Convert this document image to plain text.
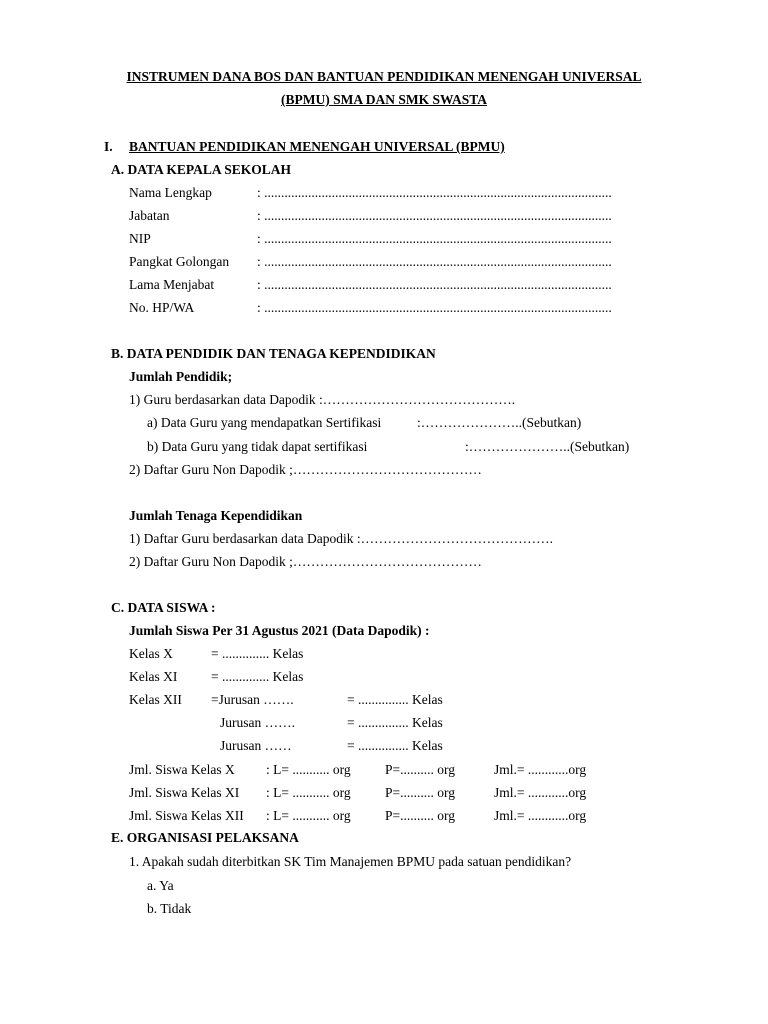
INSTRUMEN DANA BOS DAN BANTUAN PENDIDIKAN MENENGAH UNIVERSAL
(BPMU) SMA DAN SMK SWASTA
I. BANTUAN PENDIDIKAN MENENGAH UNIVERSAL (BPMU)
A. DATA KEPALA SEKOLAH
Nama Lengkap	: .......................................................................................................
Jabatan	: .......................................................................................................
NIP	: .......................................................................................................
Pangkat Golongan : .......................................................................................................
Lama Menjabat	: .......................................................................................................
No. HP/WA	: .......................................................................................................
B. DATA PENDIDIK DAN TENAGA KEPENDIDIKAN
Jumlah Pendidik;
1) Guru berdasarkan data Dapodik :…………………………………….
a) Data Guru yang mendapatkan Sertifikasi	:…………………..(Sebutkan)
b) Data Guru yang tidak dapat sertifikasi	:…………………..(Sebutkan)
2) Daftar Guru Non Dapodik ;……………………………………
Jumlah Tenaga Kependidikan
1) Daftar Guru berdasarkan data Dapodik :…………………………………….
2) Daftar Guru Non Dapodik ;……………………………………
C. DATA SISWA :
Jumlah Siswa Per 31 Agustus 2021 (Data Dapodik) :
Kelas X	= .............. Kelas
Kelas XI = .............. Kelas
Kelas XII =Jurusan …….	= ............... Kelas
Jurusan …….	= ............... Kelas
Jurusan ……	= ............... Kelas
Jml. Siswa Kelas X : L= ........... org	P=.......... org	Jml.= ............org
Jml. Siswa Kelas XI : L= ........... org	P=.......... org	Jml.= ............org
Jml. Siswa Kelas XII : L= ........... org	P=.......... org	Jml.= ............org
E. ORGANISASI PELAKSANA
1. Apakah sudah diterbitkan SK Tim Manajemen BPMU pada satuan pendidikan?
a. Ya
b. Tidak
